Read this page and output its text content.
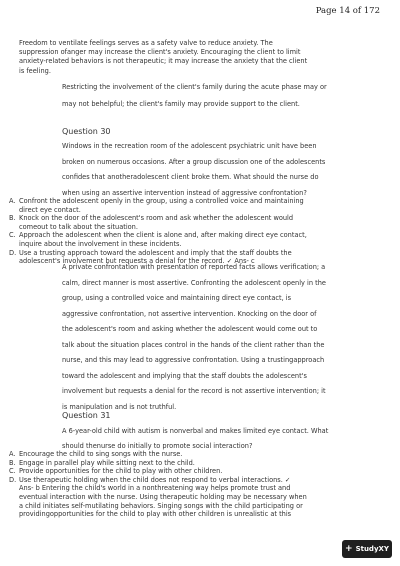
Page 14 of 172
Freedom to ventilate feelings serves as a safety valve to reduce anxiety. The
suppression ofanger may increase the client's anxiety. Encouraging the client to limit
anxiety-related behaviors is not therapeutic; it may increase the anxiety that the client
is feeling.
Restricting the involvement of the client's family during the acute phase may or
may not behelpful; the client's family may provide support to the client.
Question 30
Windows in the recreation room of the adolescent psychiatric unit have been
broken on numerous occasions. After a group discussion one of the adolescents
confides that anotheradolescent client broke them. What should the nurse do
when using an assertive intervention instead of aggressive confrontation?
A. Confront the adolescent openly in the group, using a controlled voice and maintaining
direct eye contact.
B. Knock on the door of the adolescent's room and ask whether the adolescent would
comeout to talk about the situation.
C. Approach the adolescent when the client is alone and, after making direct eye contact,
inquire about the involvement in these incidents.
D. Use a trusting approach toward the adolescent and imply that the staff doubts the
adolescent's involvement but requests a denial for the record. ✓ Ans- c
A private confrontation with presentation of reported facts allows verification; a
calm, direct manner is most assertive. Confronting the adolescent openly in the
group, using a controlled voice and maintaining direct eye contact, is
aggressive confrontation, not assertive intervention. Knocking on the door of
the adolescent's room and asking whether the adolescent would come out to
talk about the situation places control in the hands of the client rather than the
nurse, and this may lead to aggressive confrontation. Using a trustingapproach
toward the adolescent and implying that the staff doubts the adolescent's
involvement but requests a denial for the record is not assertive intervention; it
is manipulation and is not truthful.
Question 31
A 6-year-old child with autism is nonverbal and makes limited eye contact. What
should thenurse do initially to promote social interaction?
A. Encourage the child to sing songs with the nurse.
B. Engage in parallel play while sitting next to the child.
C. Provide opportunities for the child to play with other children.
D. Use therapeutic holding when the child does not respond to verbal interactions. ✓
Ans- b Entering the child's world in a nonthreatening way helps promote trust and
eventual interaction with the nurse. Using therapeutic holding may be necessary when
a child initiates self-mutilating behaviors. Singing songs with the child participating or
providingopportunities for the child to play with other children is unrealistic at this
+ StudyXY
